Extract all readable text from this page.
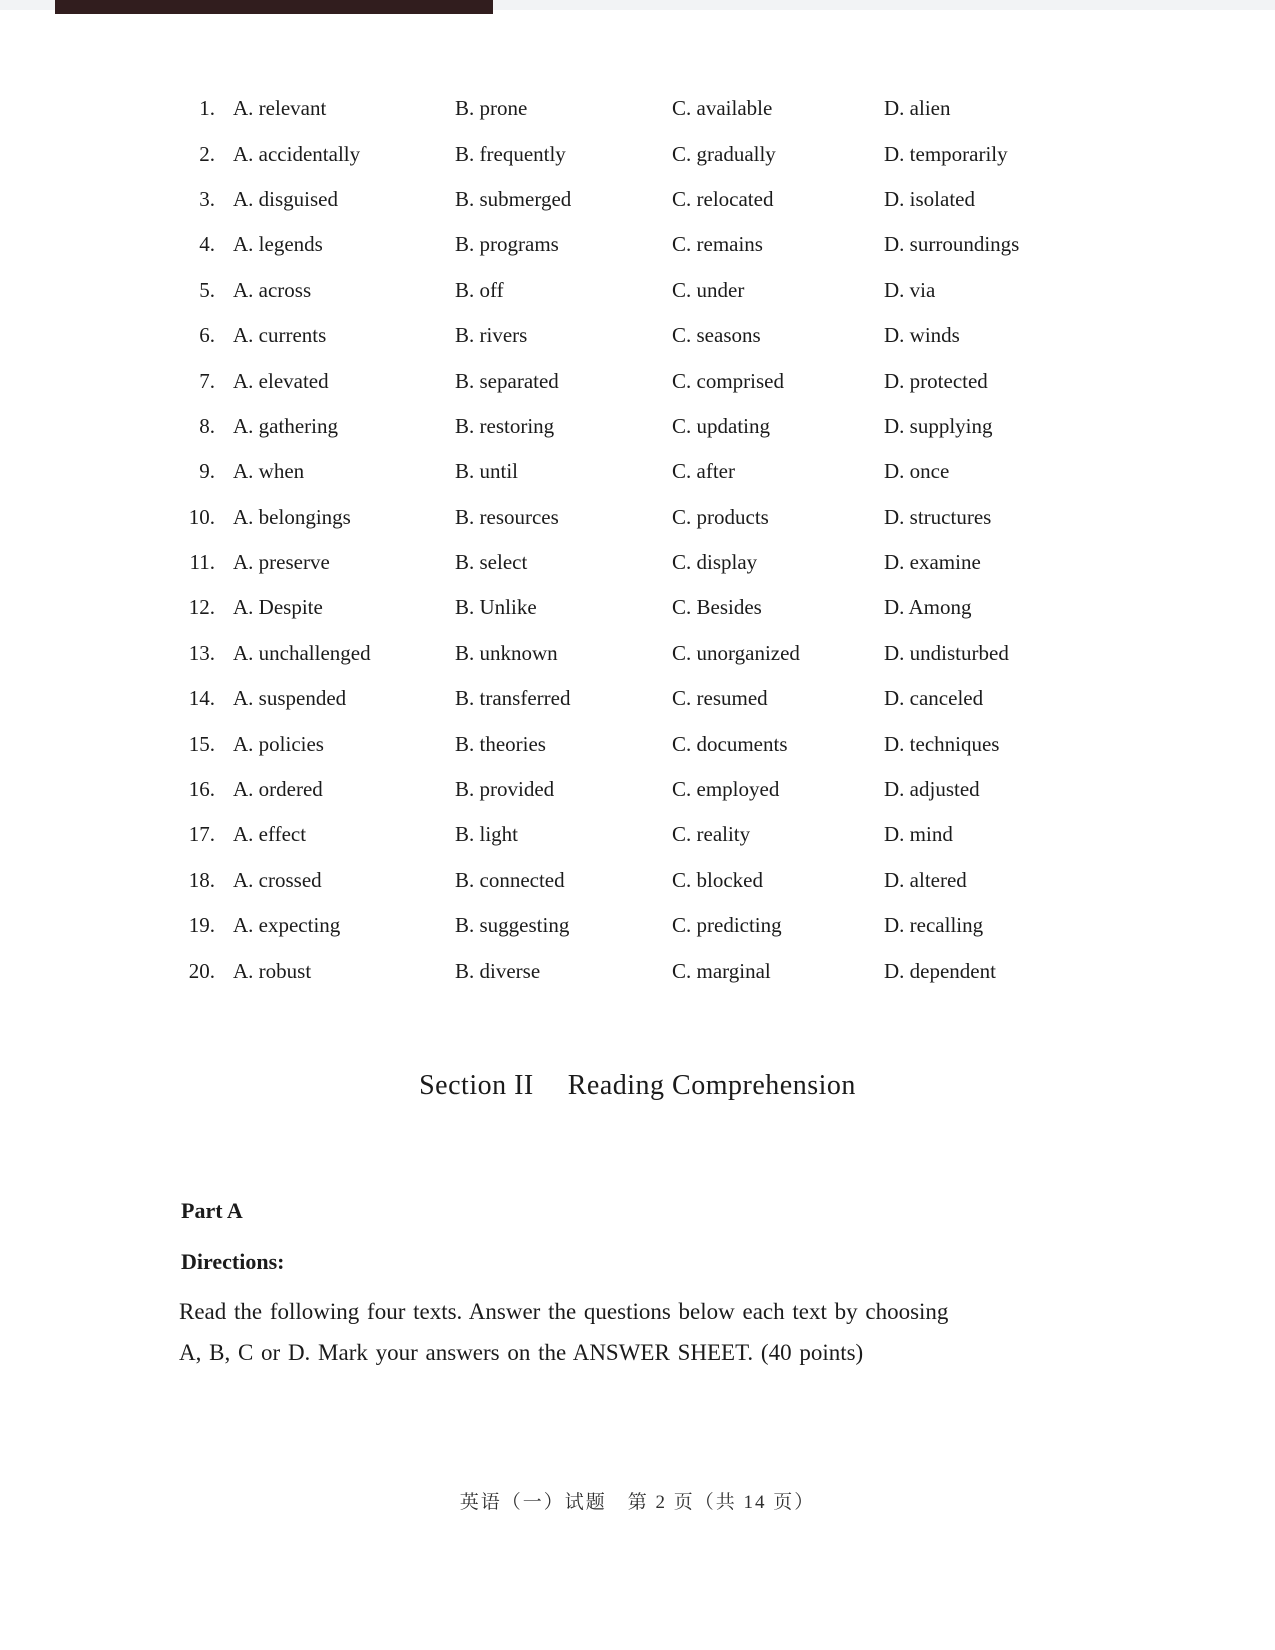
1. A. relevant	B. prone	C. available	D. alien
2. A. accidentally	B. frequently	C. gradually	D. temporarily
3. A. disguised	B. submerged	C. relocated	D. isolated
4. A. legends	B. programs	C. remains	D. surroundings
5. A. across	B. off	C. under	D. via
6. A. currents	B. rivers	C. seasons	D. winds
7. A. elevated	B. separated	C. comprised	D. protected
8. A. gathering	B. restoring	C. updating	D. supplying
9. A. when	B. until	C. after	D. once
10. A. belongings	B. resources	C. products	D. structures
11. A. preserve	B. select	C. display	D. examine
12. A. Despite	B. Unlike	C. Besides	D. Among
13. A. unchallenged	B. unknown	C. unorganized	D. undisturbed
14. A. suspended	B. transferred	C. resumed	D. canceled
15. A. policies	B. theories	C. documents	D. techniques
16. A. ordered	B. provided	C. employed	D. adjusted
17. A. effect	B. light	C. reality	D. mind
18. A. crossed	B. connected	C. blocked	D. altered
19. A. expecting	B. suggesting	C. predicting	D. recalling
20. A. robust	B. diverse	C. marginal	D. dependent
Section II Reading Comprehension
Part A
Directions:

Read the following four texts. Answer the questions below each text by choosing
A, B, C or D. Mark your answers on the ANSWER SHEET. (40 points)

英语（一）试题　第 2 页（共 14 页）
